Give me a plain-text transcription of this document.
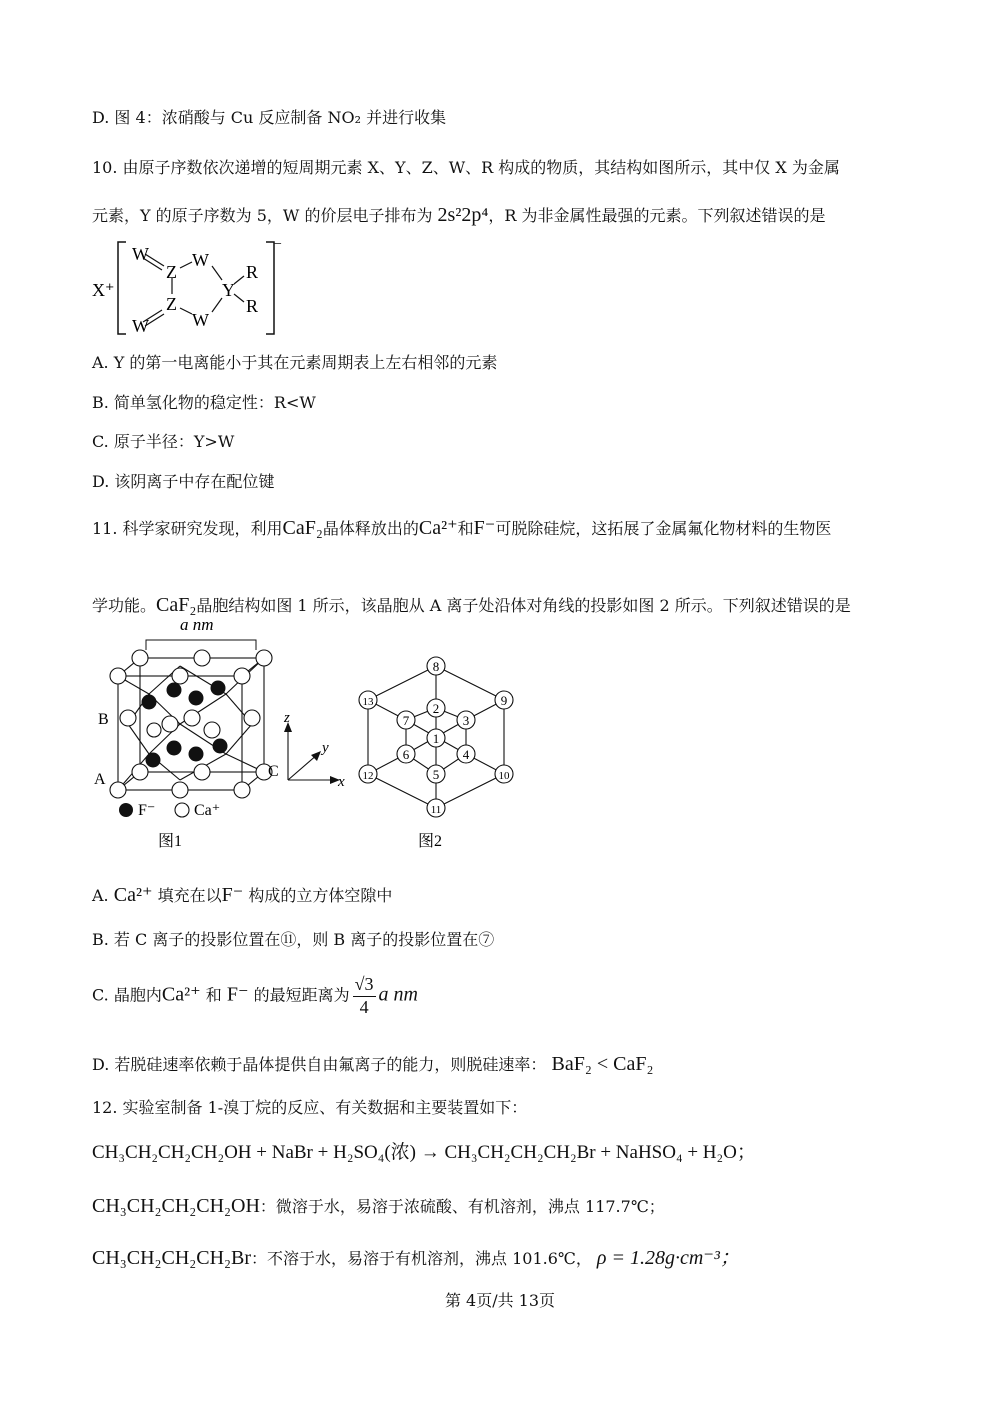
D. 图 4：浓硝酸与 Cu 反应制备 NO₂ 并进行收集
10. 由原子序数依次递增的短周期元素 X、Y、Z、W、R 构成的物质，其结构如图所示，其中仅 X 为金属
元素，Y 的原子序数为 5，W 的价层电子排布为 2s²2p⁴，R 为非金属性最强的元素。下列叙述错误的是
X⁺
−
W
Z
W
Y
R
R
Z
W
W
A. Y 的第一电离能小于其在元素周期表上左右相邻的元素
B. 简单氢化物的稳定性：R<W
C. 原子半径：Y>W
D. 该阴离子中存在配位键
11. 科学家研究发现，利用CaF₂晶体释放出的Ca²⁺和F⁻可脱除硅烷，这拓展了金属氟化物材料的生物医
学功能。CaF₂晶胞结构如图 1 所示，该晶胞从 A 离子处沿体对角线的投影如图 2 所示。下列叙述错误的是
a nm
B
A	C
z
y
x
F⁻ Ca⁺
图1
1
2
3
4
5
6
7
8
9
10
11
12
13
图2
A. Ca²⁺ 填充在以F⁻ 构成的立方体空隙中
B. 若 C 离子的投影位置在⑪，则 B 离子的投影位置在⑦
C. 晶胞内Ca²⁺ 和 F⁻ 的最短距离为 $\frac{√3}{4}$ a nm
D. 若脱硅速率依赖于晶体提供自由氟离子的能力，则脱硅速率： BaF₂ < CaF₂
12. 实验室制备 1-溴丁烷的反应、有关数据和主要装置如下：
CH₃CH₂CH₂CH₂OH + NaBr + H₂SO₄(浓) → CH₃CH₂CH₂CH₂Br + NaHSO₄ + H₂O；
CH₃CH₂CH₂CH₂OH：微溶于水，易溶于浓硫酸、有机溶剂，沸点 117.7℃；
CH₃CH₂CH₂CH₂Br：不溶于水，易溶于有机溶剂，沸点 101.6℃， ρ = 1.28g·cm⁻³；
第 4页/共 13页
